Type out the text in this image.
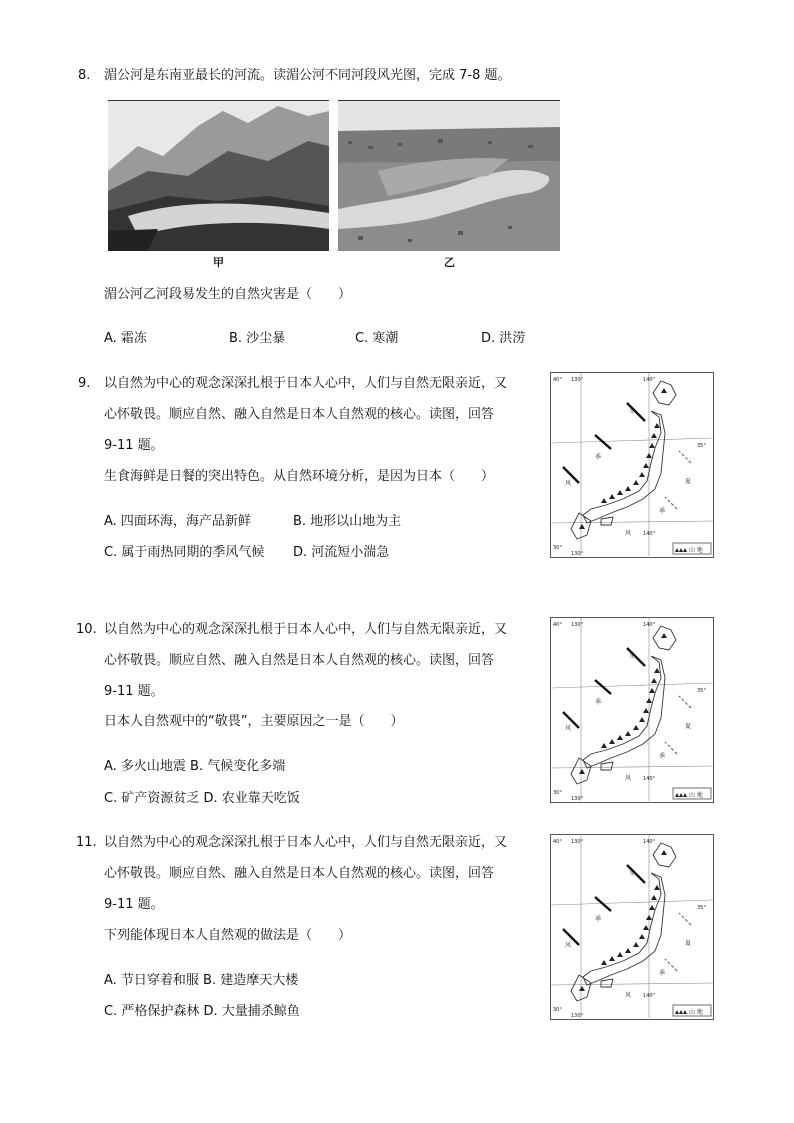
8.	湄公河是东南亚最长的河流。读湄公河不同河段风光图，完成 7-8 题。
甲	乙
湄公河乙河段易发生的自然灾害是（　　）
A. 霜冻	B. 沙尘暴	C. 寒潮	D. 洪涝
9.	以自然为中心的观念深深扎根于日本人心中，人们与自然无限亲近，又
心怀敬畏。顺应自然、融入自然是日本人自然观的核心。读图，回答
9-11 题。
生食海鲜是日餐的突出特色。从自然环境分析，是因为日本（　　）
A. 四面环海，海产品新鲜	B. 地形以山地为主
C. 属于雨热同期的季风气候 D. 河流短小湍急
10. 以自然为中心的观念深深扎根于日本人心中，人们与自然无限亲近，又
心怀敬畏。顺应自然、融入自然是日本人自然观的核心。读图，回答
9-11 题。
日本人自然观中的“敬畏”，主要原因之一是（　　）
A. 多火山地震 B. 气候变化多端
C. 矿产资源贫乏 D. 农业靠天吃饭
11. 以自然为中心的观念深深扎根于日本人心中，人们与自然无限亲近，又
心怀敬畏。顺应自然、融入自然是日本人自然观的核心。读图，回答
9-11 题。
下列能体现日本人自然观的做法是（　　）
A. 节日穿着和服 B. 建造摩天大楼
C. 严格保护森林 D. 大量捕杀鲸鱼
冬
季
风	夏
季
风
40°
35°
30°
140°
130°
140°
130°	山 地
冬
季
风	夏
季
风
40°
35°
30°
140°
130°
140°
130°	山 地
冬
季
风	夏
季
风
40°
35°
30°
140°
130°
140°
130°	山 地
